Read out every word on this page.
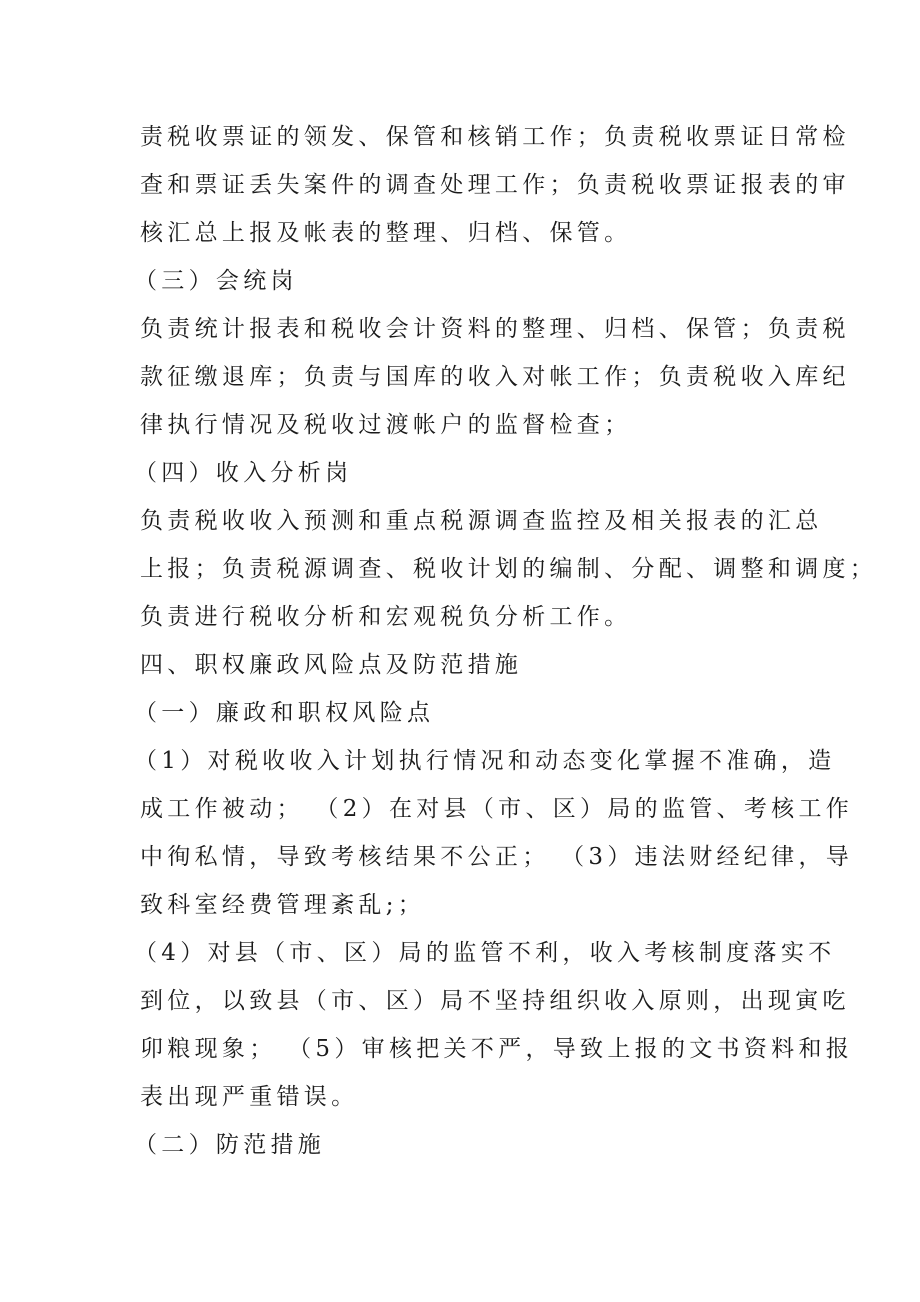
责税收票证的领发、保管和核销工作；负责税收票证日常检
查和票证丢失案件的调查处理工作；负责税收票证报表的审
核汇总上报及帐表的整理、归档、保管。
（三）会统岗
负责统计报表和税收会计资料的整理、归档、保管；负责税
款征缴退库；负责与国库的收入对帐工作；负责税收入库纪
律执行情况及税收过渡帐户的监督检查；
（四）收入分析岗
负责税收收入预测和重点税源调查监控及相关报表的汇总
上报；负责税源调查、税收计划的编制、分配、调整和调度；
负责进行税收分析和宏观税负分析工作。
四、职权廉政风险点及防范措施
（一）廉政和职权风险点
（1）对税收收入计划执行情况和动态变化掌握不准确，造
成工作被动； （2）在对县（市、区）局的监管、考核工作
中徇私情，导致考核结果不公正； （3）违法财经纪律，导
致科室经费管理紊乱;；
（4）对县（市、区）局的监管不利，收入考核制度落实不
到位，以致县（市、区）局不坚持组织收入原则，出现寅吃
卯粮现象； （5）审核把关不严，导致上报的文书资料和报
表出现严重错误。
（二）防范措施
